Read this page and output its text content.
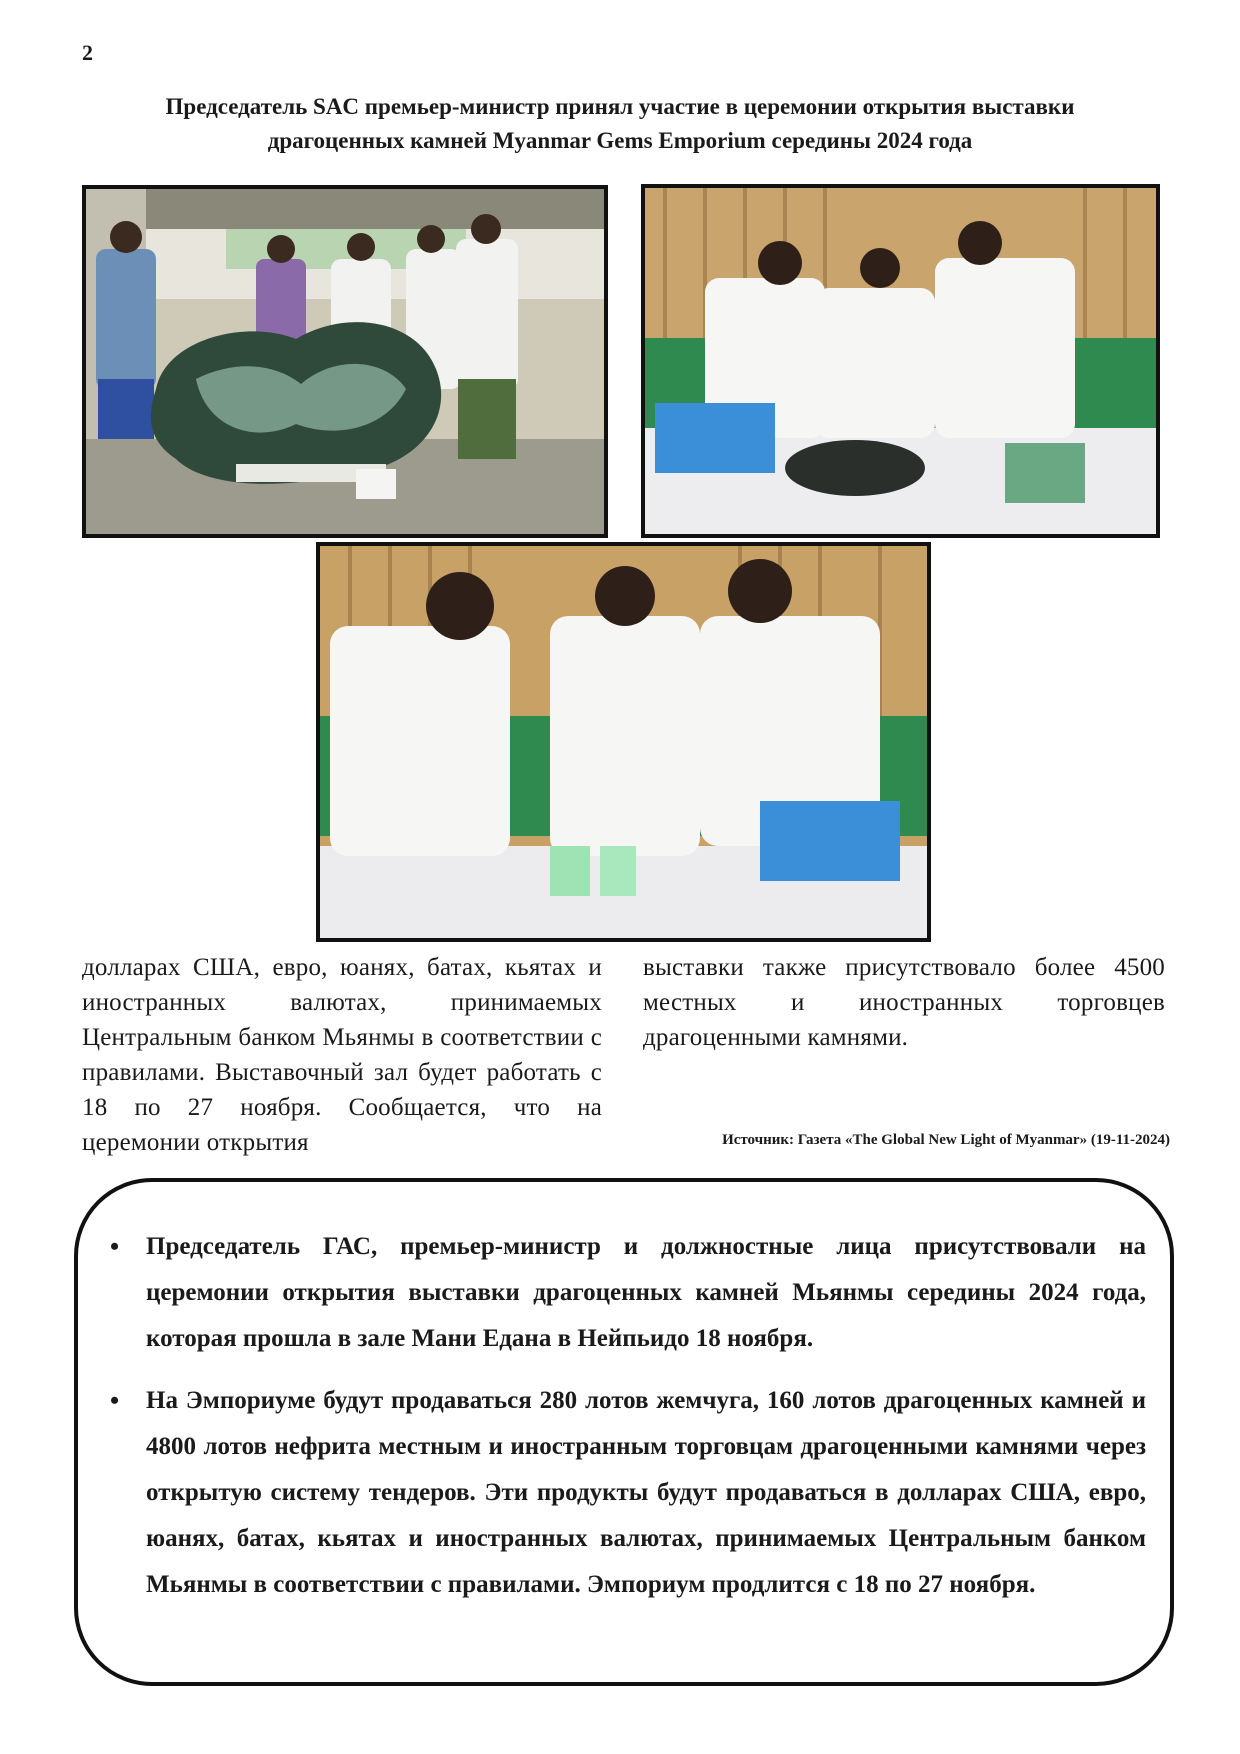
2
Председатель SAC премьер-министр принял участие в церемонии открытия выставки
драгоценных камней Myanmar Gems Emporium середины 2024 года
долларах США, евро, юанях, батах, кьятах и иностранных валютах, принимаемых Центральным банком Мьянмы в соответствии с правилами. Выставочный зал будет работать с 18 по 27 ноября. Сообщается, что на церемонии открытия
выставки также присутствовало более 4500 местных и иностранных торговцев драгоценными камнями.
Источник: Газета «The Global New Light of Myanmar» (19-11-2024)
• Председатель ГАС, премьер-министр и должностные лица присутствовали на церемонии открытия выставки драгоценных камней Мьянмы середины 2024 года, которая прошла в зале Мани Едана в Нейпьидо 18 ноября.
• На Эмпориуме будут продаваться 280 лотов жемчуга, 160 лотов драгоценных камней и 4800 лотов нефрита местным и иностранным торговцам драгоценными камнями через открытую систему тендеров. Эти продукты будут продаваться в долларах США, евро, юанях, батах, кьятах и иностранных валютах, принимаемых Центральным банком Мьянмы в соответствии с правилами. Эмпориум продлится с 18 по 27 ноября.
